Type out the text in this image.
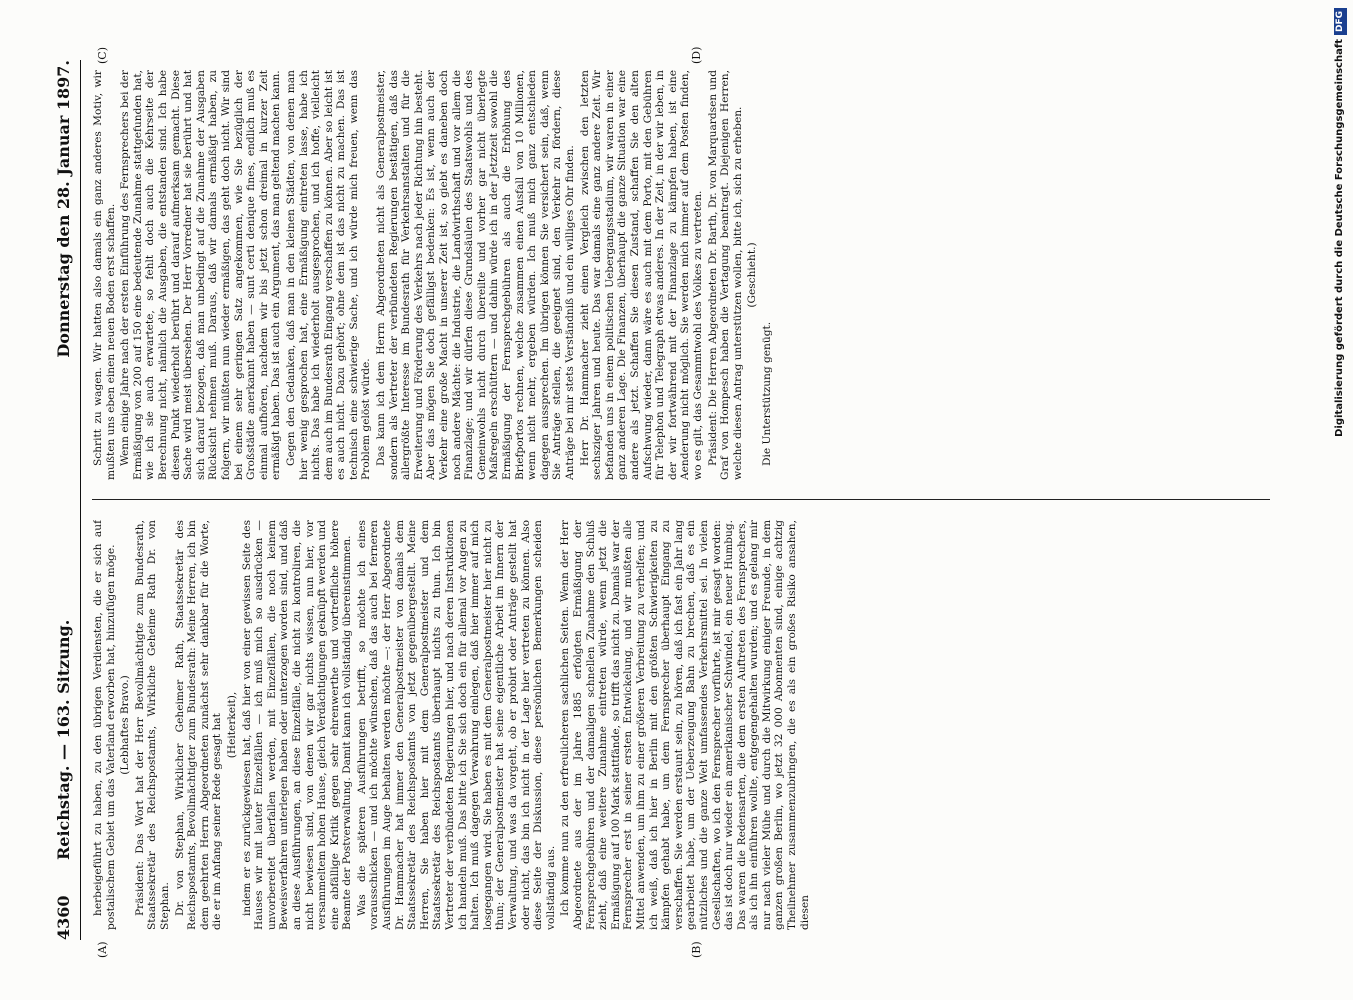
4360
Reichstag. — 163. Sitzung.
Donnerstag den 28. Januar 1897.
(A)	(B)
(C)	(D)

herbeigeführt zu haben, zu den übrigen Verdiensten, die er sich auf postalischem Gebiet um das Vaterland erworben hat, hinzufügen möge. (Lebhaftes Bravo.) Präsident: Das Wort hat der Herr Bevollmächtigte zum Bundesrath, Staatssekretär des Reichspostamts, Wirkliche Geheime Rath Dr. von Stephan. Dr. von Stephan, Wirklicher Geheimer Rath, Staatssekretär des Reichspostamts, Bevollmächtigter zum Bundesrath: Meine Herren, ich bin dem geehrten Herrn Abgeordneten zunächst sehr dankbar für die Worte, die er im Anfang seiner Rede gesagt hat (Heiterkeit), indem er es zurückgewiesen hat, daß hier von einer gewissen Seite des Hauses wir mit lauter Einzelfällen — ich muß mich so ausdrücken — unvorbereitet überfallen werden, mit Einzelfällen, die noch keinem Beweisverfahren unterlegen haben oder unterzogen worden sind, und daß an diese Ausführungen, an diese Einzelfälle, die nicht zu kontroliren, die nicht bewiesen sind, von denen wir gar nichts wissen, nun hier, vor versammeltem hohen Hause, gleich Verdächtigungen geknüpft werden und eine abfällige Kritik gegen sehr ehrenwerthe und vortreffliche höhere Beamte der Postverwaltung. Damit kann ich vollständig übereinstimmen. Was die späteren Ausführungen betrifft, so möchte ich eines vorausschicken — und ich möchte wünschen, daß das auch bei ferneren Ausführungen im Auge behalten werden möchte —: der Herr Abgeordnete Dr. Hammacher hat immer den Generalpostmeister von damals dem Staatssekretär des Reichspostamts von jetzt gegenübergestellt. Meine Herren, Sie haben hier mit dem Generalpostmeister und dem Staatssekretär des Reichspostamts überhaupt nichts zu thun. Ich bin Vertreter der verbündeten Regierungen hier, und nach deren Instruktionen ich handeln muß. Das bitte ich Sie sich doch ein für allemal vor Augen zu halten. Ich muß dagegen Verwahrung einlegen, daß hier immer auf mich losgegangen wird. Sie haben es mit dem Generalpostmeister hier nicht zu thun; der Generalpostmeister hat seine eigentliche Arbeit im Innern der Verwaltung, und was da vorgeht, ob er probirt oder Anträge gestellt hat oder nicht, das bin ich nicht in der Lage hier vertreten zu können. Also diese Seite der Diskussion, diese persönlichen Bemerkungen scheiden vollständig aus. Ich komme nun zu den erfreulicheren sachlichen Seiten. Wenn der Herr Abgeordnete aus der im Jahre 1885 erfolgten Ermäßigung der Fernsprechgebühren und der damaligen schnellen Zunahme den Schluß zieht, daß eine weitere Zunahme eintreten würde, wenn jetzt die Ermäßigung auf 100 Mark stattfände, so trifft das nicht zu. Damals war der Fernsprecher erst in seiner ersten Entwickelung, und wir mußten alle Mittel anwenden, um ihm zu einer größeren Verbreitung zu verhelfen; und ich weiß, daß ich hier in Berlin mit den größten Schwierigkeiten zu kämpfen gehabt habe, um dem Fernsprecher überhaupt Eingang zu verschaffen. Sie werden erstaunt sein, zu hören, daß ich fast ein Jahr lang gearbeitet habe, um der Ueberzeugung Bahn zu brechen, daß es ein nützliches und die ganze Welt umfassendes Verkehrsmittel sei. In vielen Gesellschaften, wo ich den Fernsprecher vorführte, ist mir gesagt worden: das ist doch nur wieder ein amerikanischer Schwindel, ein neuer Humbug. Das waren die Redensarten, die dem ersten Auftreten des Fernsprechers, als ich ihn einführen wollte, entgegengehalten wurden; und es gelang mir nur nach vieler Mühe und durch die Mitwirkung einiger Freunde, in dem ganzen großen Berlin, wo jetzt 32 000 Abonnenten sind, einige achtzig Theilnehmer zusammenzubringen, die es als ein großes Risiko ansahen, diesen

Schritt zu wagen. Wir hatten also damals ein ganz anderes Motiv, wir mußten uns eben einen neuen Boden erst schaffen. Wenn einige Jahre nach der ersten Einführung des Fernsprechers bei der Ermäßigung von 200 auf 150 eine bedeutende Zunahme stattgefunden hat, wie ich sie auch erwartete, so fehlt doch auch die Kehrseite der Berechnung nicht, nämlich die Ausgaben, die entstanden sind. Ich habe diesen Punkt wiederholt berührt und darauf aufmerksam gemacht. Diese Sache wird meist übersehen. Der Herr Vorredner hat sie berührt und hat sich darauf bezogen, daß man unbedingt auf die Zunahme der Ausgaben Rücksicht nehmen muß. Daraus, daß wir damals ermäßigt haben, zu folgern, wir müßten nun wieder ermäßigen, das geht doch nicht. Wir sind bei einem sehr geringen Satz angekommen, wie Sie bezüglich der Großstädte anerkannt haben — sunt certi denique fines, endlich muß es einmal aufhören, nachdem wir bis jetzt schon dreimal in kurzer Zeit ermäßigt haben. Das ist auch ein Argument, das man geltend machen kann. Gegen den Gedanken, daß man in den kleinen Städten, von denen man hier wenig gesprochen hat, eine Ermäßigung eintreten lasse, habe ich nichts. Das habe ich wiederholt ausgesprochen, und ich hoffe, vielleicht dem auch im Bundesrath Eingang verschaffen zu können. Aber so leicht ist es auch nicht. Dazu gehört; ohne dem ist das nicht zu machen. Das ist technisch eine schwierige Sache, und ich würde mich freuen, wenn das Problem gelöst würde. Das kann ich dem Herrn Abgeordneten nicht als Generalpostmeister, sondern als Vertreter der verbündeten Regierungen bestätigen, daß das allergrößte Interesse im Bundesrath für Verkehrsanstalten und für die Erweiterung und Förderung des Verkehrs nach jeder Richtung hin besteht. Aber das mögen Sie doch gefälligst bedenken: Es ist, wenn auch der Verkehr eine große Macht in unserer Zeit ist, so giebt es daneben doch noch andere Mächte: die Industrie, die Landwirthschaft und vor allem die Finanzlage; und wir dürfen diese Grundsäulen des Staatswohls und des Gemeinwohls nicht durch übereilte und vorher gar nicht überlegte Maßregeln erschüttern — und dahin würde ich in der Jetztzeit sowohl die Ermäßigung der Fernsprechgebühren als auch die Erhöhung des Briefportos rechnen, welche zusammen einen Ausfall von 10 Millionen, wenn nicht mehr, ergeben würden. Ich muß mich ganz entschieden dagegen aussprechen. Im übrigen können Sie versichert sein, daß, wenn Sie Anträge stellen, die geeignet sind, den Verkehr zu fördern, diese Anträge bei mir stets Verständniß und ein williges Ohr finden. Herr Dr. Hammacher zieht einen Vergleich zwischen den letzten sechsziger Jahren und heute. Das war damals eine ganz andere Zeit. Wir befanden uns in einem politischen Uebergangsstadium, wir waren in einer ganz anderen Lage. Die Finanzen, überhaupt die ganze Situation war eine andere als jetzt. Schaffen Sie diesen Zustand, schaffen Sie den alten Aufschwung wieder, dann wäre es auch mit dem Porto, mit den Gebühren für Telephon und Telegraph etwas anderes. In der Zeit, in der wir leben, in der wir fortwährend mit der Finanzlage zu kämpfen haben, ist eine Aenderung nicht möglich. Sie werden mich immer auf dem Posten finden, wo es gilt, das Gesammtwohl des Volkes zu vertreten. Präsident: Die Herren Abgeordneten Dr. Barth, Dr. von Marquardsen und Graf von Hompesch haben die Vertagung beantragt. Diejenigen Herren, welche diesen Antrag unterstützen wollen, bitte ich, sich zu erheben. (Geschieht.)

Die Unterstützung genügt.	Digitalisierung gefördert durch die Deutsche ForschungsgemeinschaftDFG
